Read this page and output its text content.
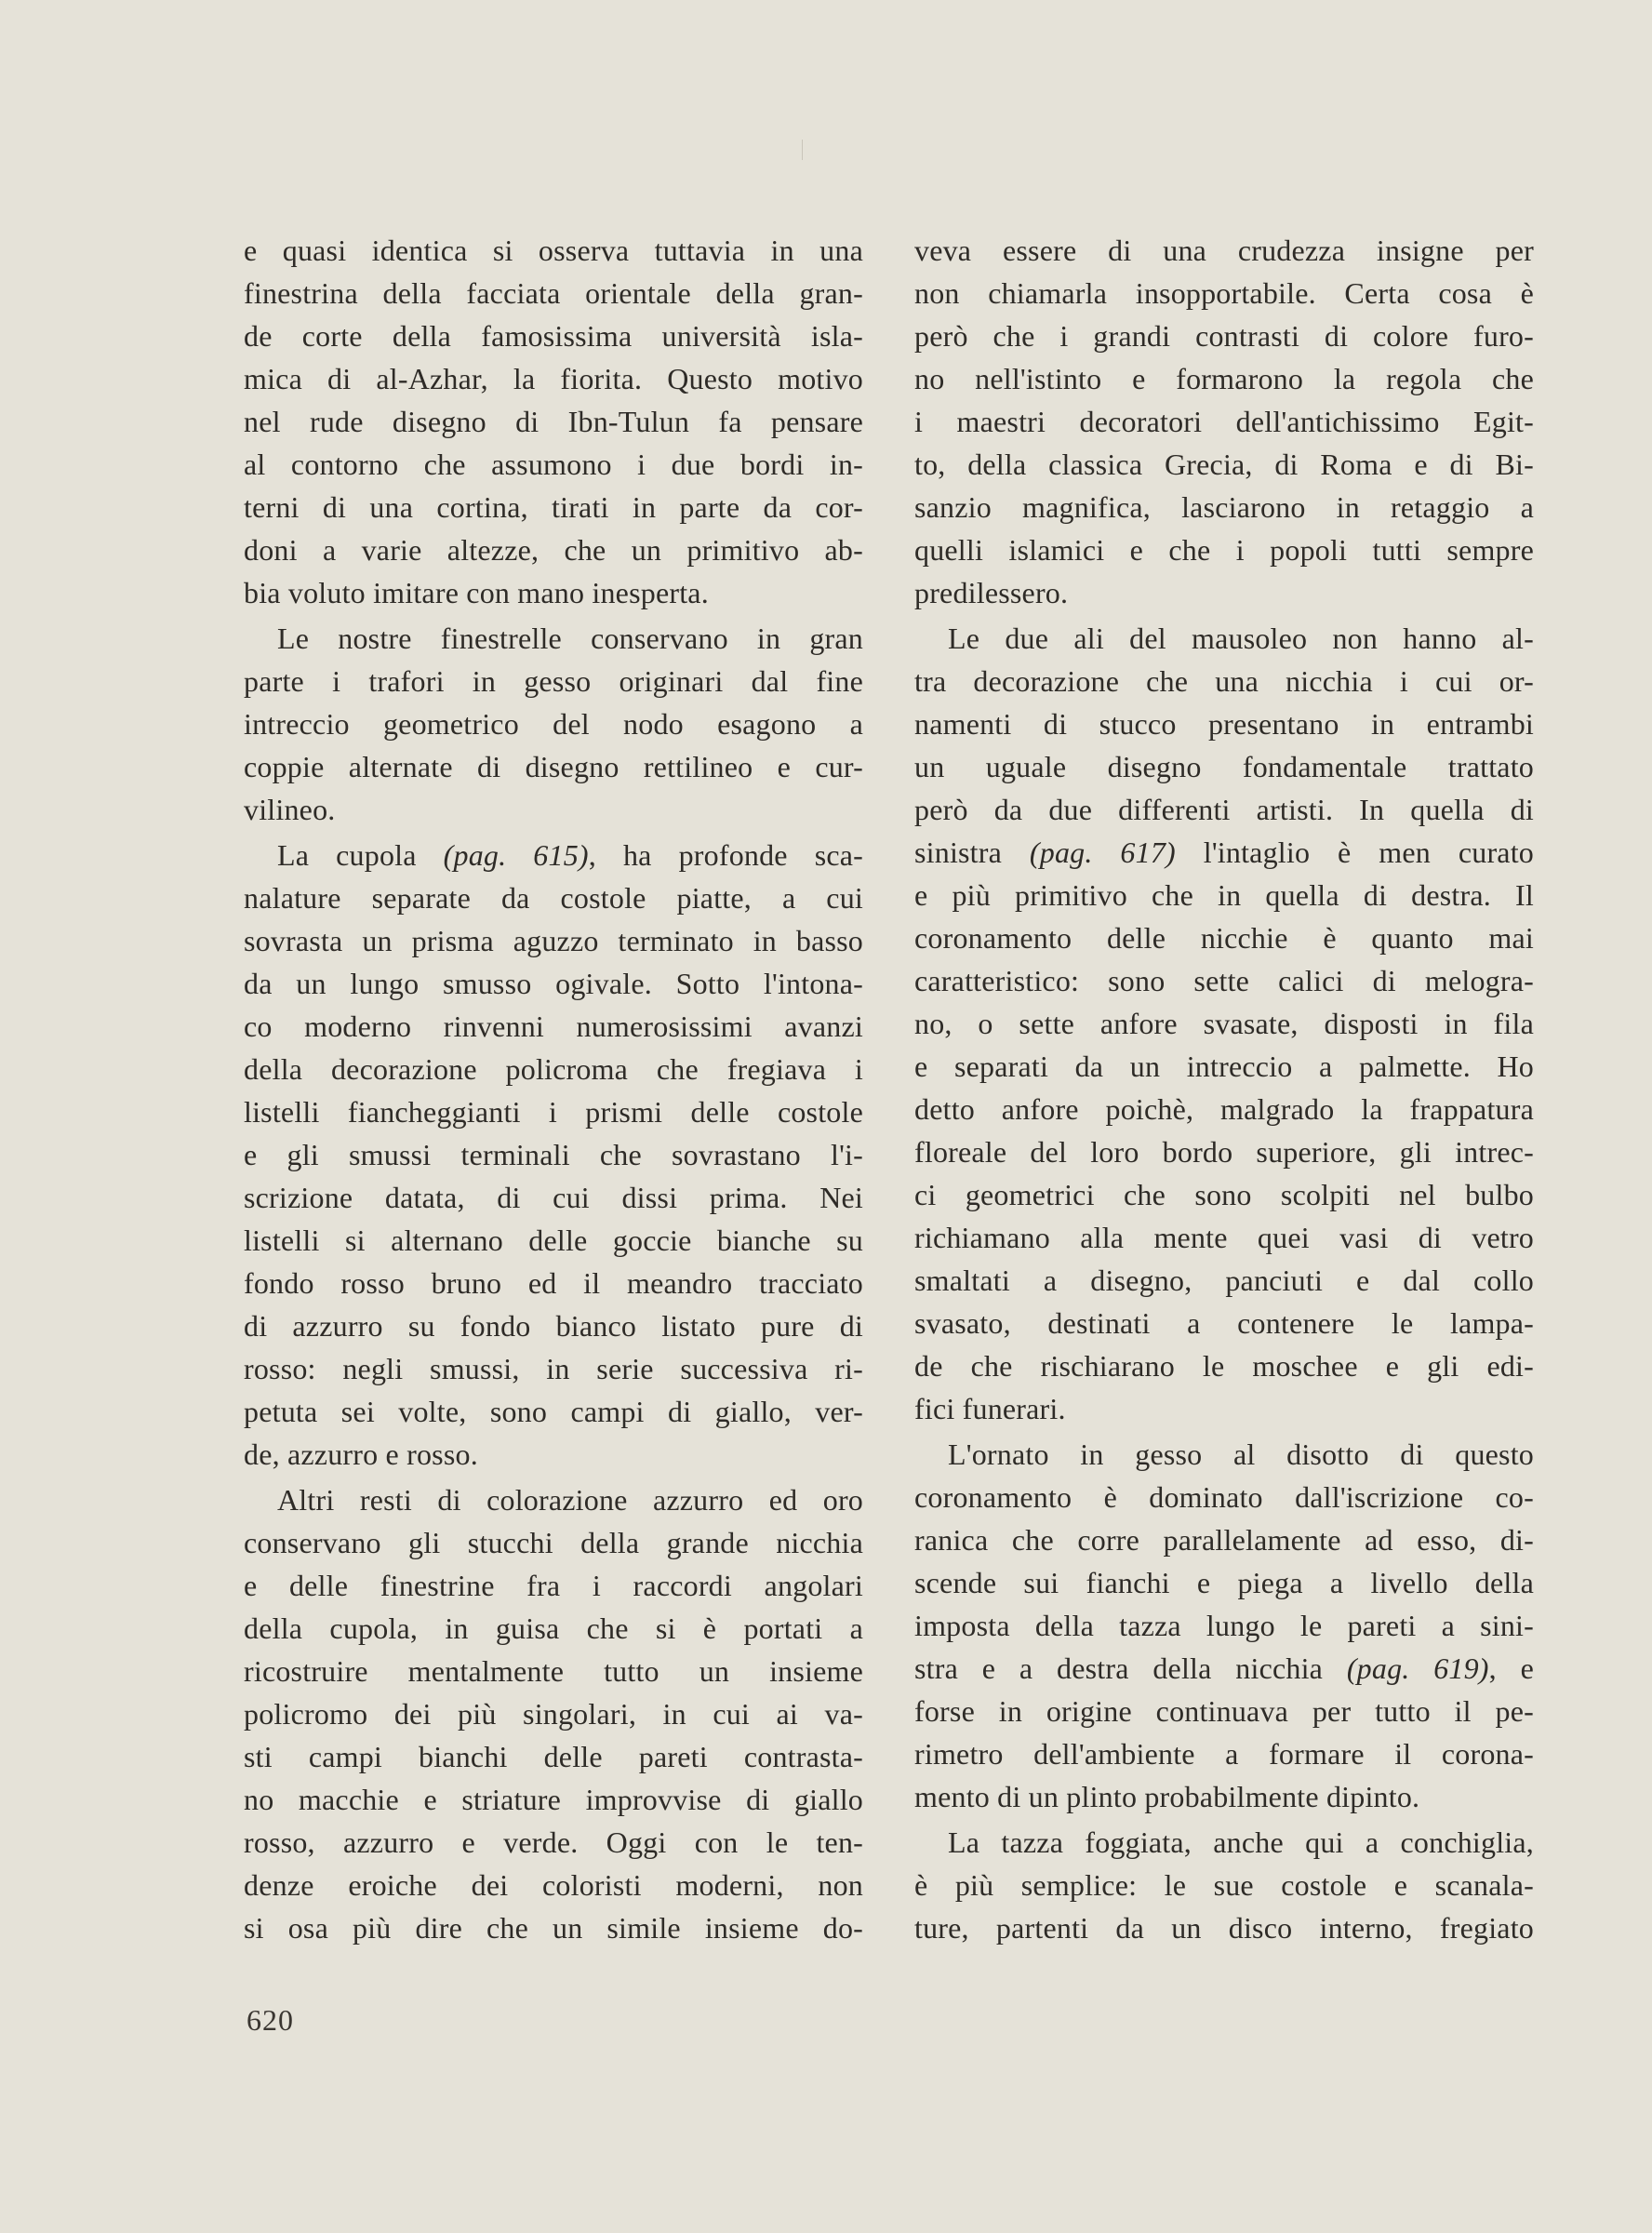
e quasi identica si osserva tuttavia in una
finestrina della facciata orientale della gran-
de corte della famosissima università isla-
mica di al-Azhar, la fiorita. Questo motivo
nel rude disegno di Ibn-Tulun fa pensare
al contorno che assumono i due bordi in-
terni di una cortina, tirati in parte da cor-
doni a varie altezze, che un primitivo ab-
bia voluto imitare con mano inesperta.
Le nostre finestrelle conservano in gran
parte i trafori in gesso originari dal fine
intreccio geometrico del nodo esagono a
coppie alternate di disegno rettilineo e cur-
vilineo.
La cupola (pag. 615), ha profonde sca-
nalature separate da costole piatte, a cui
sovrasta un prisma aguzzo terminato in basso
da un lungo smusso ogivale. Sotto l'intona-
co moderno rinvenni numerosissimi avanzi
della decorazione policroma che fregiava i
listelli fiancheggianti i prismi delle costole
e gli smussi terminali che sovrastano l'i-
scrizione datata, di cui dissi prima. Nei
listelli si alternano delle goccie bianche su
fondo rosso bruno ed il meandro tracciato
di azzurro su fondo bianco listato pure di
rosso: negli smussi, in serie successiva ri-
petuta sei volte, sono campi di giallo, ver-
de, azzurro e rosso.
Altri resti di colorazione azzurro ed oro
conservano gli stucchi della grande nicchia
e delle finestrine fra i raccordi angolari
della cupola, in guisa che si è portati a
ricostruire mentalmente tutto un insieme
policromo dei più singolari, in cui ai va-
sti campi bianchi delle pareti contrasta-
no macchie e striature improvvise di giallo
rosso, azzurro e verde. Oggi con le ten-
denze eroiche dei coloristi moderni, non
si osa più dire che un simile insieme do-
veva essere di una crudezza insigne per
non chiamarla insopportabile. Certa cosa è
però che i grandi contrasti di colore furo-
no nell'istinto e formarono la regola che
i maestri decoratori dell'antichissimo Egit-
to, della classica Grecia, di Roma e di Bi-
sanzio magnifica, lasciarono in retaggio a
quelli islamici e che i popoli tutti sempre
predilessero.
Le due ali del mausoleo non hanno al-
tra decorazione che una nicchia i cui or-
namenti di stucco presentano in entrambi
un uguale disegno fondamentale trattato
però da due differenti artisti. In quella di
sinistra (pag. 617) l'intaglio è men curato
e più primitivo che in quella di destra. Il
coronamento delle nicchie è quanto mai
caratteristico: sono sette calici di melogra-
no, o sette anfore svasate, disposti in fila
e separati da un intreccio a palmette. Ho
detto anfore poichè, malgrado la frappatura
floreale del loro bordo superiore, gli intrec-
ci geometrici che sono scolpiti nel bulbo
richiamano alla mente quei vasi di vetro
smaltati a disegno, panciuti e dal collo
svasato, destinati a contenere le lampa-
de che rischiarano le moschee e gli edi-
fici funerari.
L'ornato in gesso al disotto di questo
coronamento è dominato dall'iscrizione co-
ranica che corre parallelamente ad esso, di-
scende sui fianchi e piega a livello della
imposta della tazza lungo le pareti a sini-
stra e a destra della nicchia (pag. 619), e
forse in origine continuava per tutto il pe-
rimetro dell'ambiente a formare il corona-
mento di un plinto probabilmente dipinto.
La tazza foggiata, anche qui a conchiglia,
è più semplice: le sue costole e scanala-
ture, partenti da un disco interno, fregiato
620
